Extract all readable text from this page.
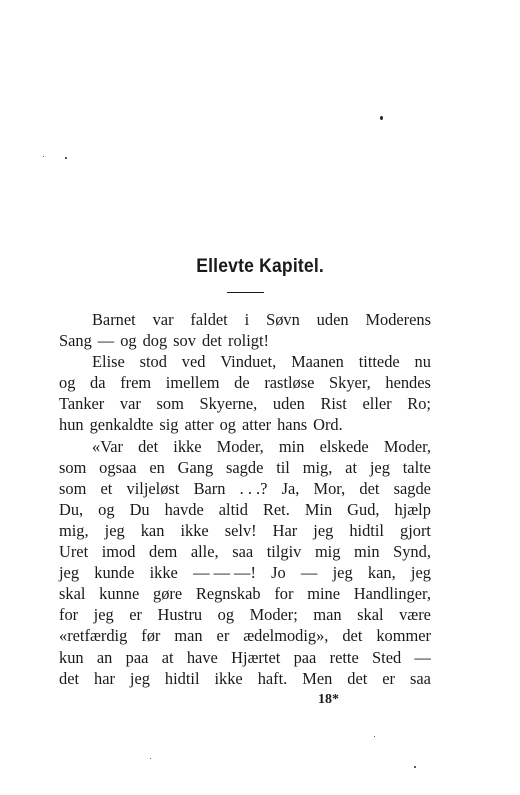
Ellevte Kapitel.
Barnet var faldet i Søvn uden Moderens
Sang — og dog sov det roligt!
Elise stod ved Vinduet, Maanen tittede nu
og da frem imellem de rastløse Skyer, hendes
Tanker var som Skyerne, uden Rist eller Ro;
hun genkaldte sig atter og atter hans Ord.
«Var det ikke Moder, min elskede Moder,
som ogsaa en Gang sagde til mig, at jeg talte
som et viljeløst Barn . . .? Ja, Mor, det sagde
Du, og Du havde altid Ret. Min Gud, hjælp
mig, jeg kan ikke selv! Har jeg hidtil gjort
Uret imod dem alle, saa tilgiv mig min Synd,
jeg kunde ikke — — —! Jo — jeg kan, jeg
skal kunne gøre Regnskab for mine Handlinger,
for jeg er Hustru og Moder; man skal være
«retfærdig før man er ædelmodig», det kommer
kun an paa at have Hjærtet paa rette Sted —
det har jeg hidtil ikke haft. Men det er saa
18*
